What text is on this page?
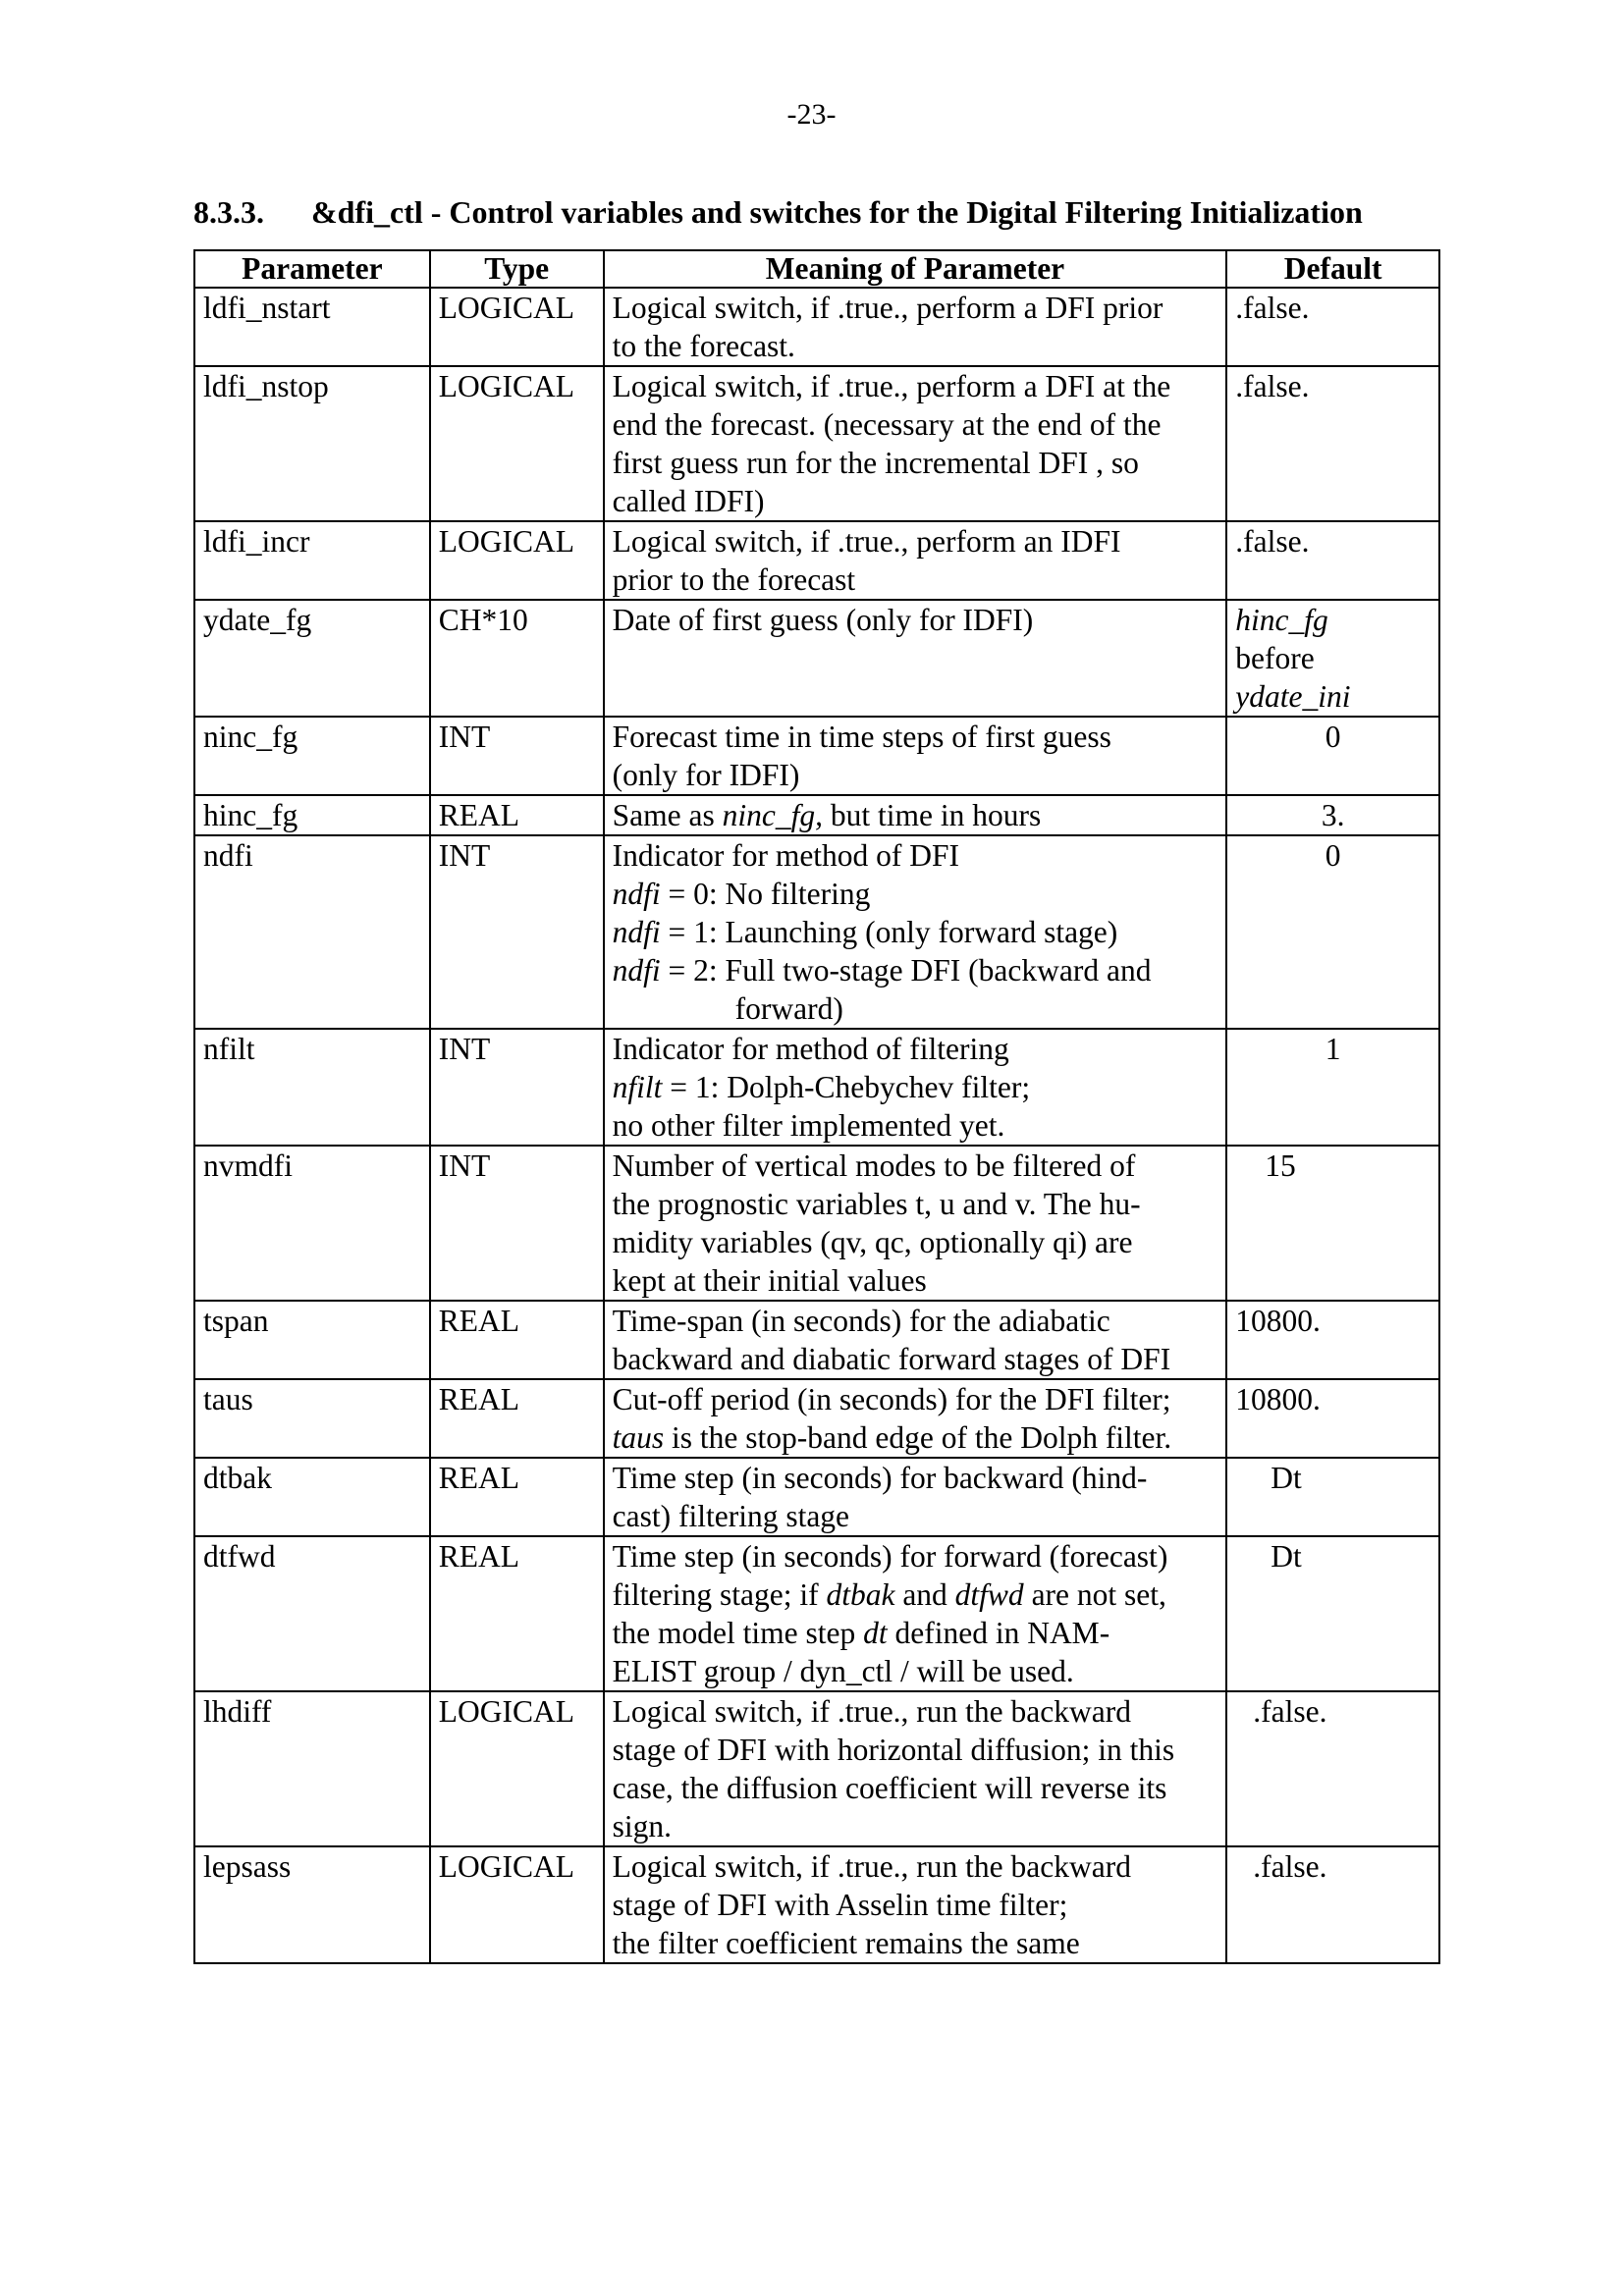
-23-
8.3.3. &dfi_ctl - Control variables and switches for the Digital Filtering Initialization
Parameter	Type	Meaning of Parameter	Default
ldfi_nstart	LOGICAL	Logical switch, if .true., perform a DFI prior
to the forecast.	.false.
ldfi_nstop	LOGICAL	Logical switch, if .true., perform a DFI at the
end the forecast. (necessary at the end of the
first guess run for the incremental DFI , so
called IDFI)	.false.
ldfi_incr	LOGICAL	Logical switch, if .true., perform an IDFI
prior to the forecast	.false.
ydate_fg	CH*10	Date of first guess (only for IDFI)	hinc_fg
before
ydate_ini

ninc_fg	INT	Forecast time in time steps of first guess
(only for IDFI)	0
hinc_fg	REAL	Same as ninc_fg, but time in hours	3.
ndfi	INT	Indicator for method of DFI
ndfi = 0: No filtering
ndfi = 1: Launching (only forward stage)
ndfi = 2: Full two-stage DFI (backward and
forward)	0
nfilt	INT	Indicator for method of filtering
nfilt = 1: Dolph-Chebychev filter;
no other filter implemented yet.	1
nvmdfi	INT	Number of vertical modes to be filtered of
the prognostic variables t, u and v. The hu-
midity variables (qv, qc, optionally qi) are
kept at their initial values	15
tspan	REAL	Time-span (in seconds) for the adiabatic
backward and diabatic forward stages of DFI	10800.
taus	REAL	Cut-off period (in seconds) for the DFI filter;
taus is the stop-band edge of the Dolph filter.	10800.
dtbak	REAL	Time step (in seconds) for backward (hind-
cast) filtering stage	Dt
dtfwd	REAL	Time step (in seconds) for forward (forecast)
filtering stage; if dtbak and dtfwd are not set,
the model time step dt defined in NAM-
ELIST group / dyn_ctl / will be used.	Dt
lhdiff	LOGICAL	Logical switch, if .true., run the backward
stage of DFI with horizontal diffusion; in this
case, the diffusion coefficient will reverse its
sign.	.false.
lepsass	LOGICAL	Logical switch, if .true., run the backward
stage of DFI with Asselin time filter;
the filter coefficient remains the same	.false.
